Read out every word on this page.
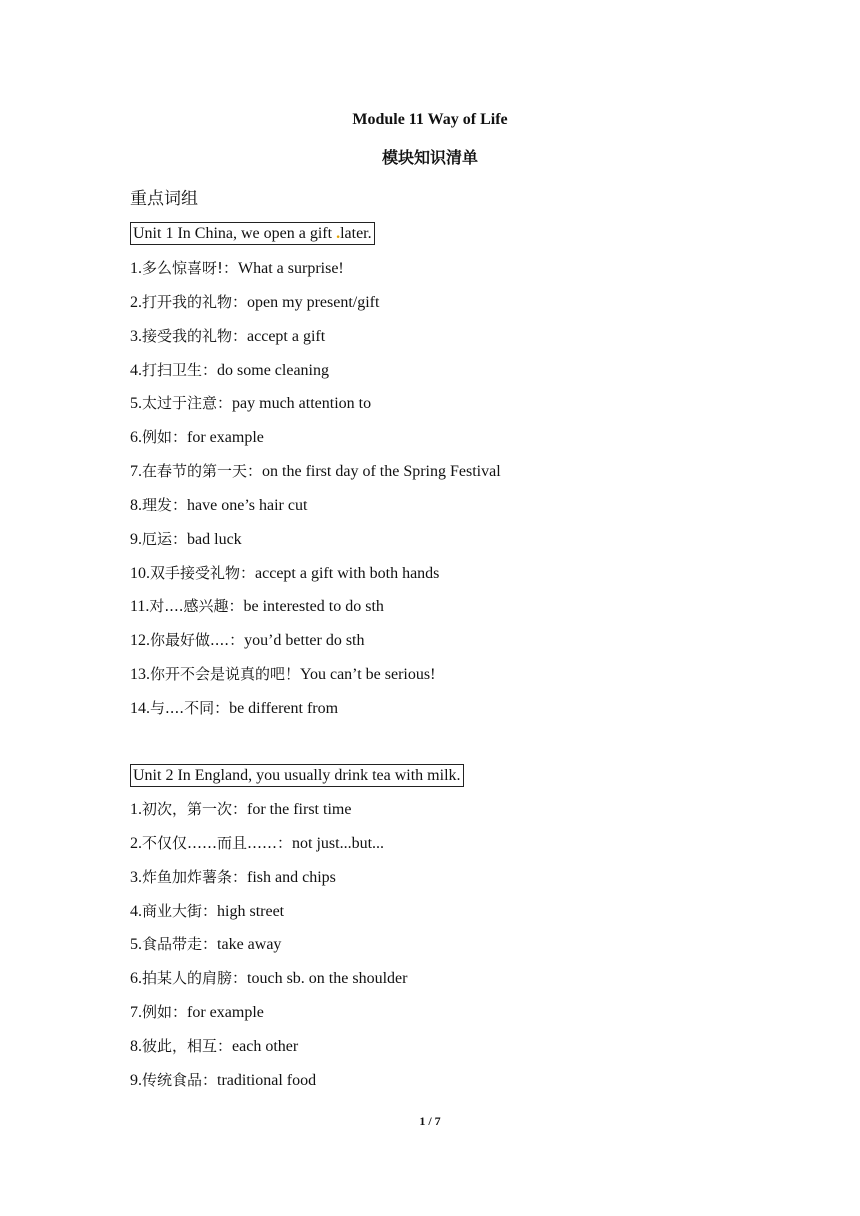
Module 11 Way of Life
模块知识清单
重点词组
Unit 1 In China, we open a gift .later.
1.多么惊喜呀!：What a surprise!
2.打开我的礼物：open my present/gift
3.接受我的礼物：accept a gift
4.打扫卫生：do some cleaning
5.太过于注意：pay much attention to
6.例如：for example
7.在春节的第一天：on the first day of the Spring Festival
8.理发：have one’s hair cut
9.厄运：bad luck
10.双手接受礼物：accept a gift with both hands
11.对....感兴趣：be interested to do sth
12.你最好做....：you’d better do sth
13.你开不会是说真的吧！You can’t be serious!
14.与....不同：be different from
Unit 2 In England, you usually drink tea with milk.
1.初次，第一次：for the first time
2.不仅仅……而且……：not just...but...
3.炸鱼加炸薯条：fish and chips
4.商业大街：high street
5.食品带走：take away
6.拍某人的肩膀：touch sb. on the shoulder
7.例如：for example
8.彼此，相互：each other
9.传统食品：traditional food
1 / 7
